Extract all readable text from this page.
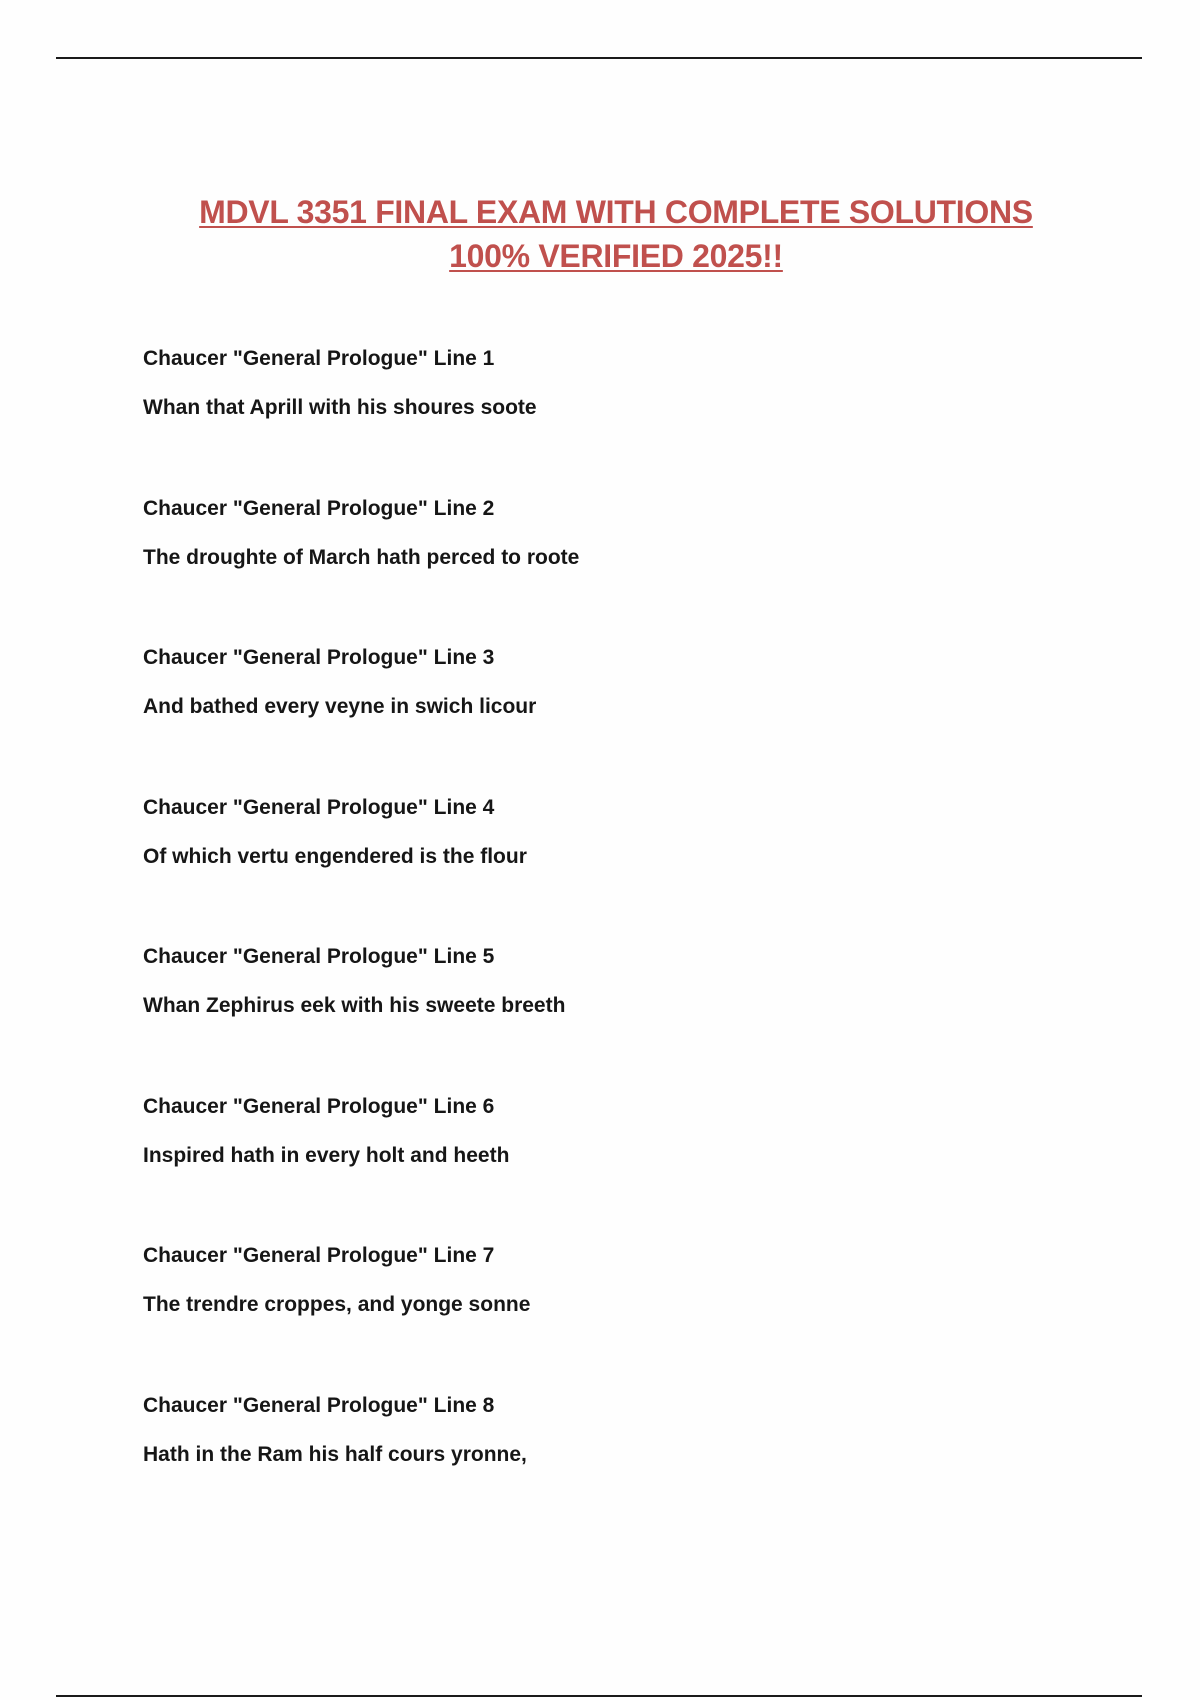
MDVL 3351 FINAL EXAM WITH COMPLETE SOLUTIONS
100% VERIFIED 2025!!
Chaucer "General Prologue" Line 1
Whan that Aprill with his shoures soote
Chaucer "General Prologue" Line 2
The droughte of March hath perced to roote
Chaucer "General Prologue" Line 3
And bathed every veyne in swich licour
Chaucer "General Prologue" Line 4
Of which vertu engendered is the flour
Chaucer "General Prologue" Line 5
Whan Zephirus eek with his sweete breeth
Chaucer "General Prologue" Line 6
Inspired hath in every holt and heeth
Chaucer "General Prologue" Line 7
The trendre croppes, and yonge sonne
Chaucer "General Prologue" Line 8
Hath in the Ram his half cours yronne,
